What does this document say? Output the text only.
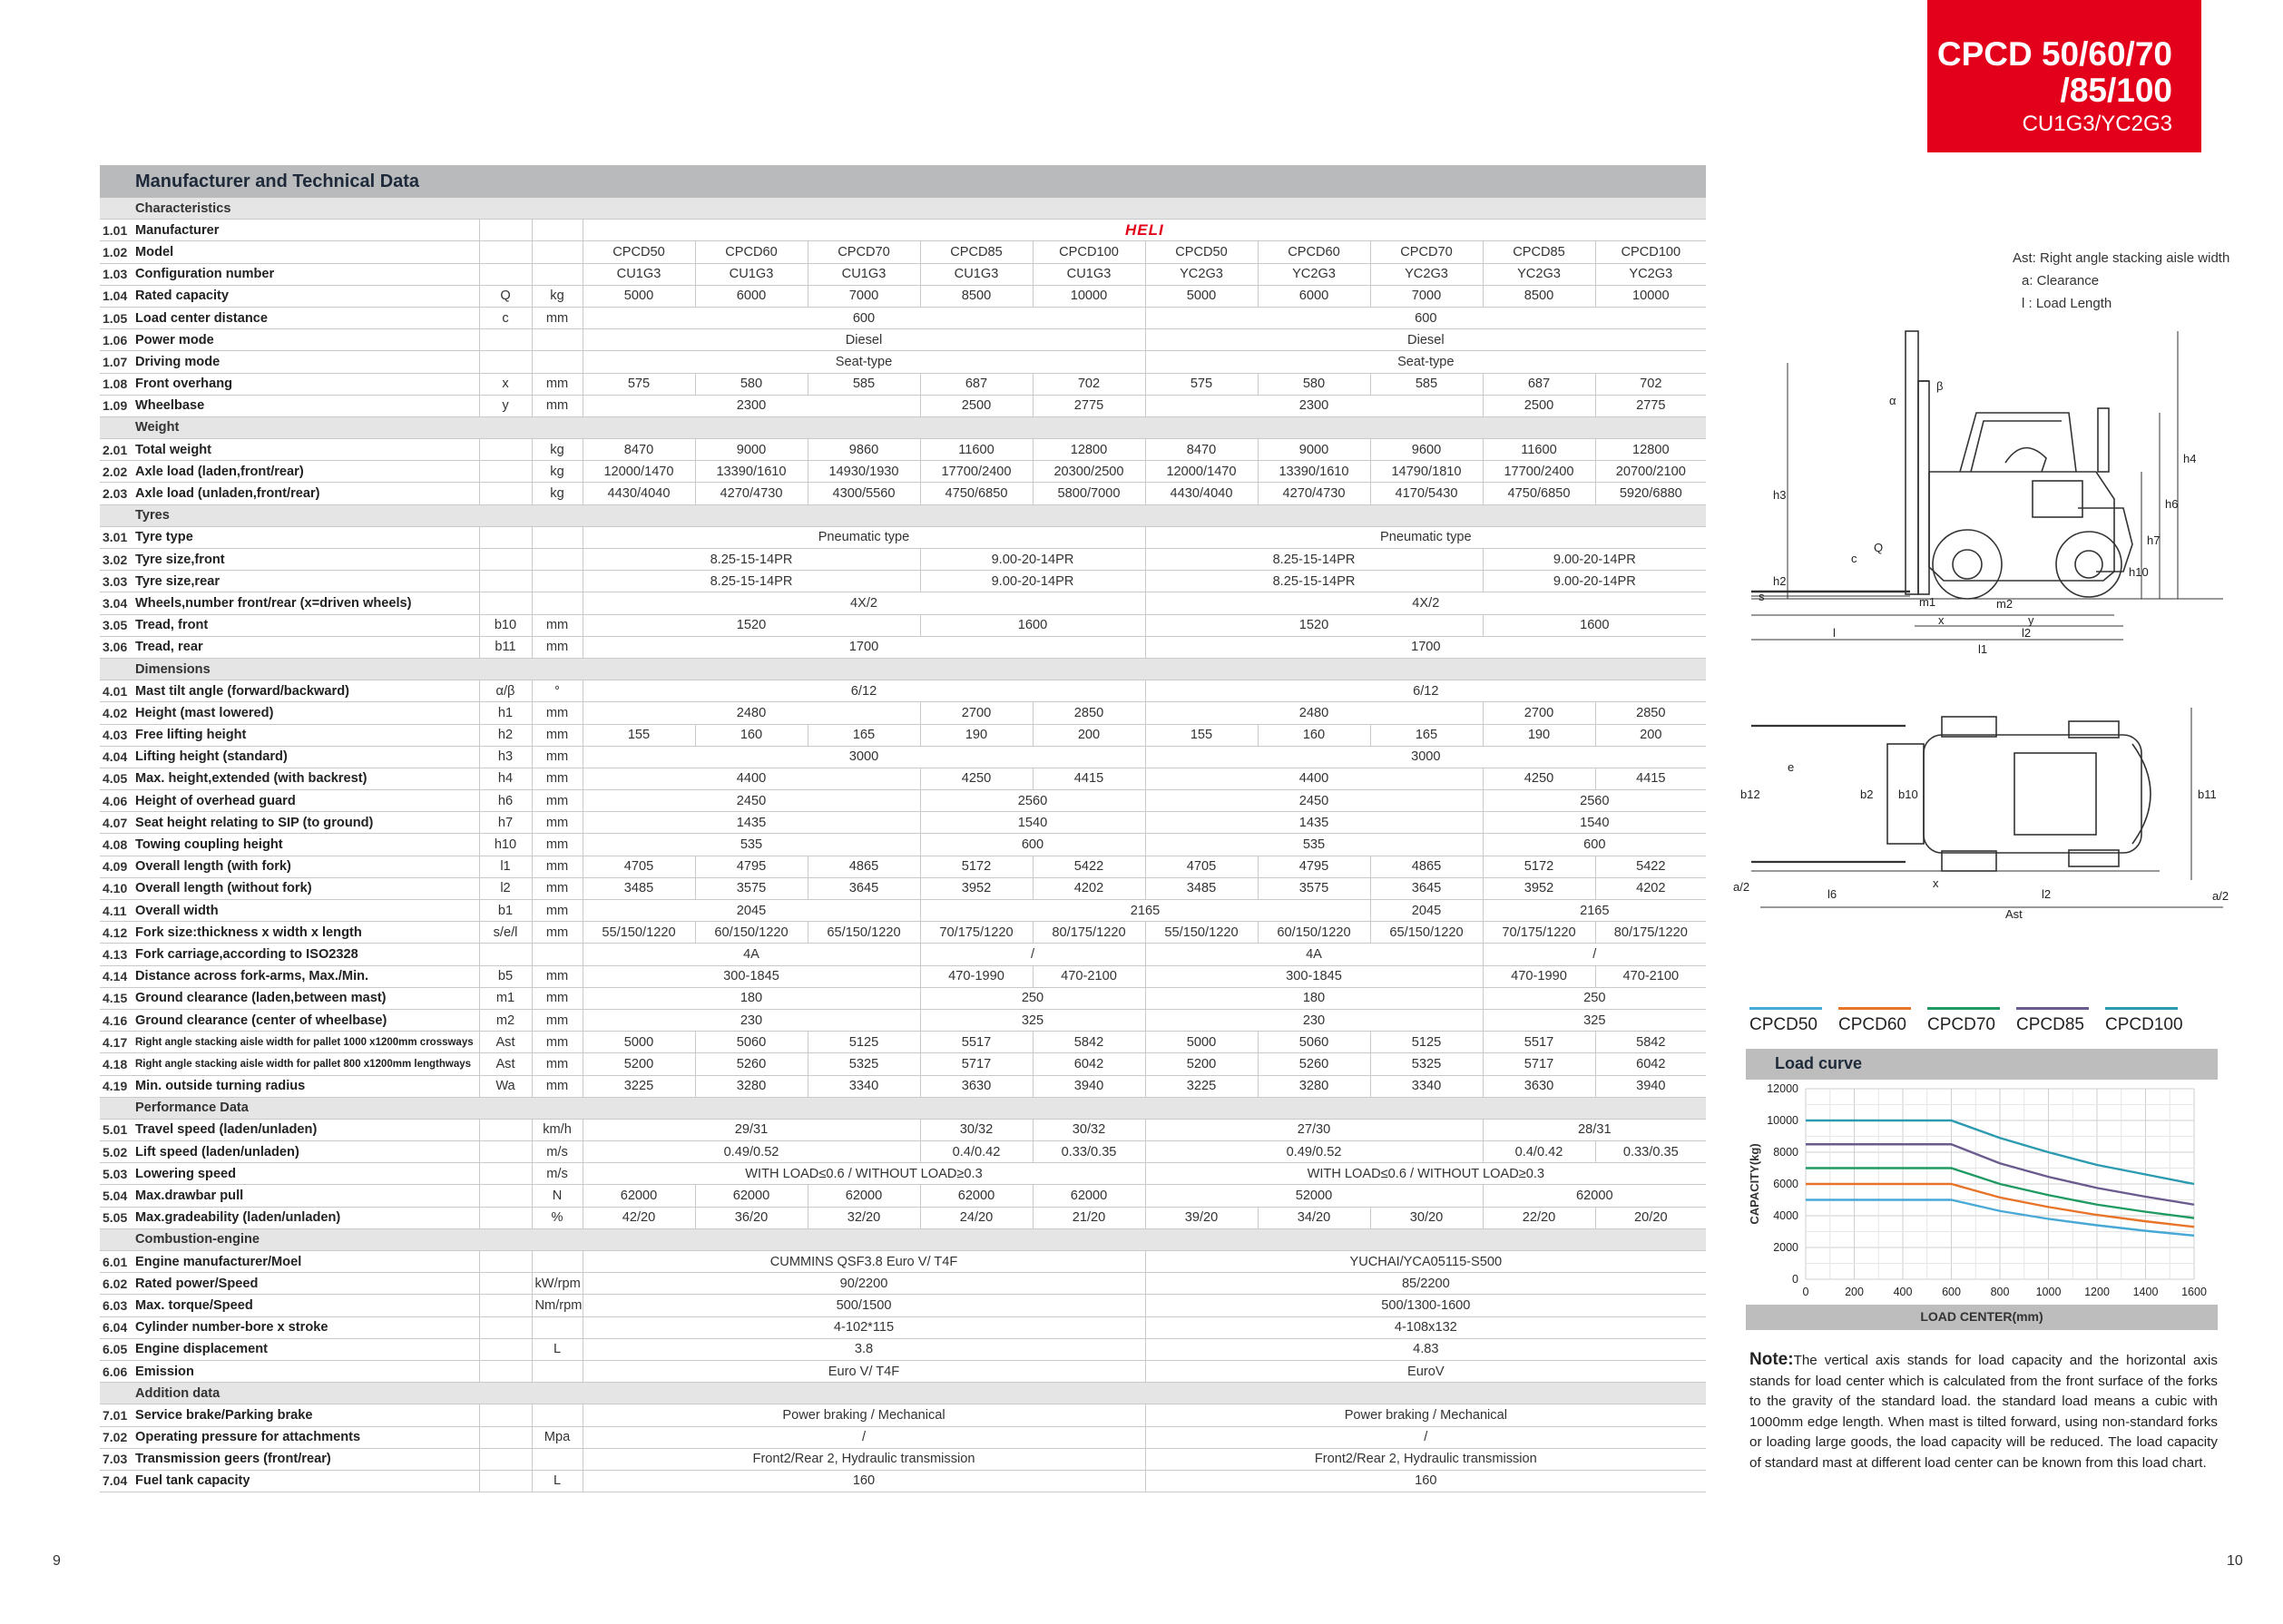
CPCD 50/60/70
/85/100
CU1G3/YC2G3
	Manufacturer and Technical Data												
	Characteristics												
1.01	Manufacturer			HELI									
1.02	Model			CPCD50	CPCD60	CPCD70	CPCD85	CPCD100	CPCD50	CPCD60	CPCD70	CPCD85	CPCD100
1.03	Configuration number			CU1G3	CU1G3	CU1G3	CU1G3	CU1G3	YC2G3	YC2G3	YC2G3	YC2G3	YC2G3
1.04	Rated capacity	Q	kg	5000	6000	7000	8500	10000	5000	6000	7000	8500	10000
1.05	Load center distance	c	mm	600					600				
1.06	Power mode			Diesel					Diesel				
1.07	Driving mode			Seat-type					Seat-type				
1.08	Front overhang	x	mm	575	580	585	687	702	575	580	585	687	702
1.09	Wheelbase	y	mm	2300			2500	2775	2300			2500	2775
	Weight												
2.01	Total weight		kg	8470	9000	9860	11600	12800	8470	9000	9600	11600	12800
2.02	Axle load (laden,front/rear)		kg	12000/1470	13390/1610	14930/1930	17700/2400	20300/2500	12000/1470	13390/1610	14790/1810	17700/2400	20700/2100
2.03	Axle load (unladen,front/rear)		kg	4430/4040	4270/4730	4300/5560	4750/6850	5800/7000	4430/4040	4270/4730	4170/5430	4750/6850	5920/6880
	Tyres												
3.01	Tyre type			Pneumatic type					Pneumatic type				
3.02	Tyre size,front			8.25-15-14PR			9.00-20-14PR		8.25-15-14PR			9.00-20-14PR	
3.03	Tyre size,rear			8.25-15-14PR			9.00-20-14PR		8.25-15-14PR			9.00-20-14PR	
3.04	Wheels,number front/rear (x=driven wheels)			4X/2					4X/2				
3.05	Tread, front	b10	mm	1520			1600		1520			1600	
3.06	Tread, rear	b11	mm	1700					1700				
	Dimensions												
4.01	Mast tilt angle (forward/backward)	α/β	°	6/12					6/12				
4.02	Height (mast lowered)	h1	mm	2480			2700	2850	2480			2700	2850
4.03	Free lifting height	h2	mm	155	160	165	190	200	155	160	165	190	200
4.04	Lifting height (standard)	h3	mm	3000					3000				
4.05	Max. height,extended (with backrest)	h4	mm	4400			4250	4415	4400			4250	4415
4.06	Height of overhead guard	h6	mm	2450			2560		2450			2560	
4.07	Seat height relating to SIP (to ground)	h7	mm	1435			1540		1435			1540	
4.08	Towing coupling height	h10	mm	535			600		535			600	
4.09	Overall length (with fork)	l1	mm	4705	4795	4865	5172	5422	4705	4795	4865	5172	5422
4.10	Overall length (without fork)	l2	mm	3485	3575	3645	3952	4202	3485	3575	3645	3952	4202
4.11	Overall width	b1	mm	2045			2165				2045	2165	
4.12	Fork size:thickness x width x length	s/e/l	mm	55/150/1220	60/150/1220	65/150/1220	70/175/1220	80/175/1220	55/150/1220	60/150/1220	65/150/1220	70/175/1220	80/175/1220
4.13	Fork carriage,according to ISO2328			4A			/		4A			/	
4.14	Distance across fork-arms, Max./Min.	b5	mm	300-1845			470-1990	470-2100	300-1845			470-1990	470-2100
4.15	Ground clearance (laden,between mast)	m1	mm	180			250		180			250	
4.16	Ground clearance (center of wheelbase)	m2	mm	230			325		230			325	
4.17	Right angle stacking aisle width for pallet 1000 x1200mm crossways	Ast	mm	5000	5060	5125	5517	5842	5000	5060	5125	5517	5842
4.18	Right angle stacking aisle width for pallet 800 x1200mm lengthways	Ast	mm	5200	5260	5325	5717	6042	5200	5260	5325	5717	6042
4.19	Min. outside turning radius	Wa	mm	3225	3280	3340	3630	3940	3225	3280	3340	3630	3940
	Performance Data												
5.01	Travel speed (laden/unladen)		km/h	29/31			30/32	30/32	27/30			28/31	
5.02	Lift speed (laden/unladen)		m/s	0.49/0.52			0.4/0.42	0.33/0.35	0.49/0.52			0.4/0.42	0.33/0.35
5.03	Lowering speed		m/s	WITH LOAD≤0.6 / WITHOUT LOAD≥0.3					WITH LOAD≤0.6 / WITHOUT LOAD≥0.3				
5.04	Max.drawbar pull		N	62000	62000	62000	62000	62000	52000			62000	
5.05	Max.gradeability (laden/unladen)		%	42/20	36/20	32/20	24/20	21/20	39/20	34/20	30/20	22/20	20/20
	Combustion-engine												
6.01	Engine manufacturer/Moel			CUMMINS QSF3.8 Euro V/ T4F					YUCHAI/YCA05115-S500				
6.02	Rated power/Speed		kW/rpm	90/2200					85/2200				
6.03	Max. torque/Speed		Nm/rpm	500/1500					500/1300-1600				
6.04	Cylinder number-bore x stroke			4-102*115					4-108x132				
6.05	Engine displacement		L	3.8					4.83				
6.06	Emission			Euro V/ T4F					EuroV				
	Addition data												
7.01	Service brake/Parking brake			Power braking / Mechanical					Power braking / Mechanical				
7.02	Operating pressure for attachments		Mpa	/					/				
7.03	Transmission geers (front/rear)			Front2/Rear 2, Hydraulic transmission					Front2/Rear 2, Hydraulic transmission				
7.04	Fuel tank capacity		L	160					160				
Ast: Right angle stacking aisle width
a: Clearance
l : Load Length
h3
h2
h4
h6
h7
h10
Q
c
s	m1	m2
l
x	y
l2
l1
α
β
b12
e
b2 b10	b11
a/2
a/2
l6
x
l2
Ast
CPCD50 CPCD60 CPCD70 CPCD85 CPCD100
Load curve
0	200	400	600	800 1000 1200 1400 1600
0
2000
4000
6000
8000
10000
12000
CAPACITY(kg)
LOAD CENTER(mm)
Note:The vertical axis stands for load capacity and the horizontal axis stands for load center which is calculated from the front surface of the forks to the gravity of the standard load. the standard load means a cubic with 1000mm edge length. When mast is tilted forward, using non-standard forks or loading large goods, the load capacity will be reduced. The load capacity of standard mast at different load center can be known from this load chart.
9	10
